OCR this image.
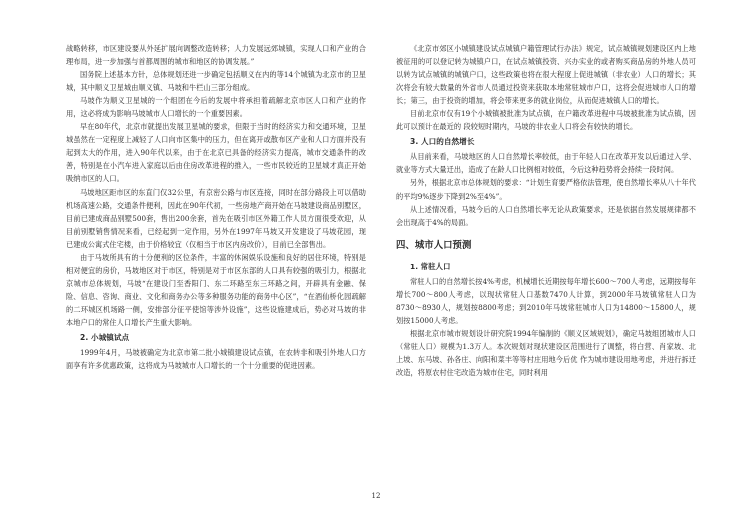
战略转移，市区建设要从外延扩展向调整改造转移；人力发展远郊城镇，实现人口和产业的合理布局，进一步加强与首都周围的城市和地区的协调发展。”

国务院上述基本方针，总体规划还进一步确定包括顺义在内的等14个城镇为北京市的卫星城，其中顺义卫星城由顺义镇、马坡和牛栏山三部分组成。

马坡作为顺义卫星城的一个组团在今后的发展中将承担着疏解北京市区人口和产业的作用，这必将成为影响马坡城市人口增长的一个重要因素。

早在80年代，北京市就提出发展卫星城的要求，但限于当时的经济实力和交通环境，卫星城虽然在一定程度上减轻了人口向市区集中的压力，但在离开或散布区产业和人口方面并没有起到太大的作用，进入90年代以来，由于在北京已具备的经济实力提高，城市交通条件的改善，特别是在小汽车进入家庭以后由住房改革进程的推入，一些市民较近的卫星城才真正开始吸纳市区的人口。

马坡地区距市区的东直门仅32公里，有京密公路与市区连接，同时在部分路段上可以借助机场高速公路，交通条件便利，因此在90年代初，一些房地产商开始在马坡建设商品别墅区，目前已建成商品别墅500套，售出200余套，首先在吸引市区外籍工作人员方面很受欢迎，从目前别墅销售情况来看，已经起到一定作用，另外在1997年马坡又开发建设了马坡花园，现已建成公寓式住宅楼，由于价格较宜（仅相当于市区内房改价），目前已全部售出。

由于马坡所具有的十分便利的区位条件，丰富的休闲娱乐设施和良好的居住环境，特别是相对便宜的房价，马坡地区对于市区，特别是对于市区东部的人口具有较强的吸引力，根据北京城市总体规划，马坡“在建设门至香阳门、东二环路至东三环路之间，开辟具有金融、保险、信息、咨询、商业、文化和商务办公等多种服务功能的商务中心区”，“在酒仙桥化园疏解的二环城区机场路一侧，安排部分征平使馆等涉外设施”，这些设施建成后，势必对马坡的非本地户口的常住人口增长产生重大影响。

2. 小城镇试点

1999年4月，马坡被确定为北京市第二批小城镇建设试点镇，在农转非和吸引外地人口方面享有许多优惠政策，这将成为马坡城市人口增长的一个十分重要的促进因素。

《北京市郊区小城镇建设试点城镇户籍管理试行办法》规定，试点城镇规划建设区内上地被征用的可以登记转为城镇户口，在试点城镇投资、兴办实业的或者购买商品房的外地人员可以转为试点城镇的城镇户口，这些政策也将在很大程度上促进城镇（非农业）人口的增长；其次将会有较大数量的外省市人员通过投资来获取本地常驻城市户口，这将会促进城市人口的增长；第三，由于投资的增加，将会带来更多的就业岗位，从而促进城镇人口的增长。

目前北京市仅有19个小城镇被批准为试点镇，在户籍改革进程中马坡被批准为试点镇，因此可以预计在最近的 段较短时期内，马坡的非农业人口将会有较快的增长。

3. 人口的自然增长

从目前来看，马坡地区的人口自然增长率较低，由于年轻人口在改革开发以后通过入学、就业等方式大量迁出，造成了在龄人口比例相对较低，今后这种趋势将会持续一段时间。

另外，根据北京市总体规划的要求：“计划生育要严格依法管理，使自然增长率从八十年代的平均9%逐步下降到2%至4%”。

从上述情况看，马坡今后的人口自然增长率无论从政策要求，还是依据自然发展规律都不会出现高于4%的局面。

四、城市人口预测
1. 常驻人口

常驻人口的自然增长按4%考虑，机械增长近期按每年增长600～700人考虑，远期按每年增长700～800人考虑，以现状常驻人口基数7470人计算，到2000年马坡镇常驻人口为8730～8930人，规划按8800考虑；到2010年马坡常驻城市人口为14800～15800人，规划按15000人考虑。

根据北京市城市规划设计研究院1994年编制的《顺义区域规划》，确定马坡组团城市人口（常驻人口）规模为1.3万人。本次规划对现状建设区范围进行了调整，将白营、肖家坡、北上坡、东马坡、孙各庄、向阳和菜丰等等村庄用地今后优 作为城市建设用地考虑，并进行拆迁改造，将原农村住宅改造为城市住宅，同时利用

12
